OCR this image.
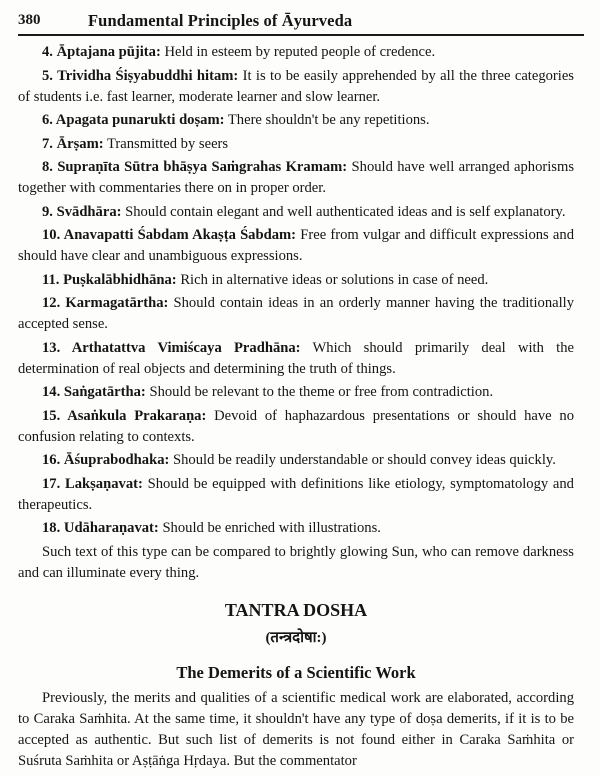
380	Fundamental Principles of Āyurveda

4. Āptajana pūjita: Held in esteem by reputed people of credence.

5. Trividha Śiṣyabuddhi hitam: It is to be easily apprehended by all the three categories of students i.e. fast learner, moderate learner and slow learner.

6. Apagata punarukti doṣam: There shouldn't be any repetitions.

7. Ārṣam: Transmitted by seers

8. Supraṇīta Sūtra bhāṣya Saṁgrahas Kramam: Should have well arranged aphorisms together with commentaries there on in proper order.

9. Svādhāra: Should contain elegant and well authenticated ideas and is self explanatory.

10. Anavapatti Śabdam Akaṣṭa Śabdam: Free from vulgar and difficult expressions and should have clear and unambiguous expressions.

11. Puṣkalābhidhāna: Rich in alternative ideas or solutions in case of need.

12. Karmagatārtha: Should contain ideas in an orderly manner having the traditionally accepted sense.

13. Arthatattva Vimiścaya Pradhāna: Which should primarily deal with the determination of real objects and determining the truth of things.

14. Saṅgatārtha: Should be relevant to the theme or free from contradiction.

15. Asaṅkula Prakaraṇa: Devoid of haphazardous presentations or should have no confusion relating to contexts.

16. Āśuprabodhaka: Should be readily understandable or should convey ideas quickly.

17. Lakṣaṇavat: Should be equipped with definitions like etiology, symptomatology and therapeutics.

18. Udāharaṇavat: Should be enriched with illustrations.

Such text of this type can be compared to brightly glowing Sun, who can remove darkness and can illuminate every thing.

TANTRA DOSHA
(तन्त्रदोषा:)
The Demerits of a Scientific Work

Previously, the merits and qualities of a scientific medical work are elaborated, according to Caraka Saṁhita. At the same time, it shouldn't have any type of doṣa demerits, if it is to be accepted as authentic. But such list of demerits is not found either in Caraka Saṁhita or Suśruta Saṁhita or Aṣṭāṅga Hṛdaya. But the commentator
